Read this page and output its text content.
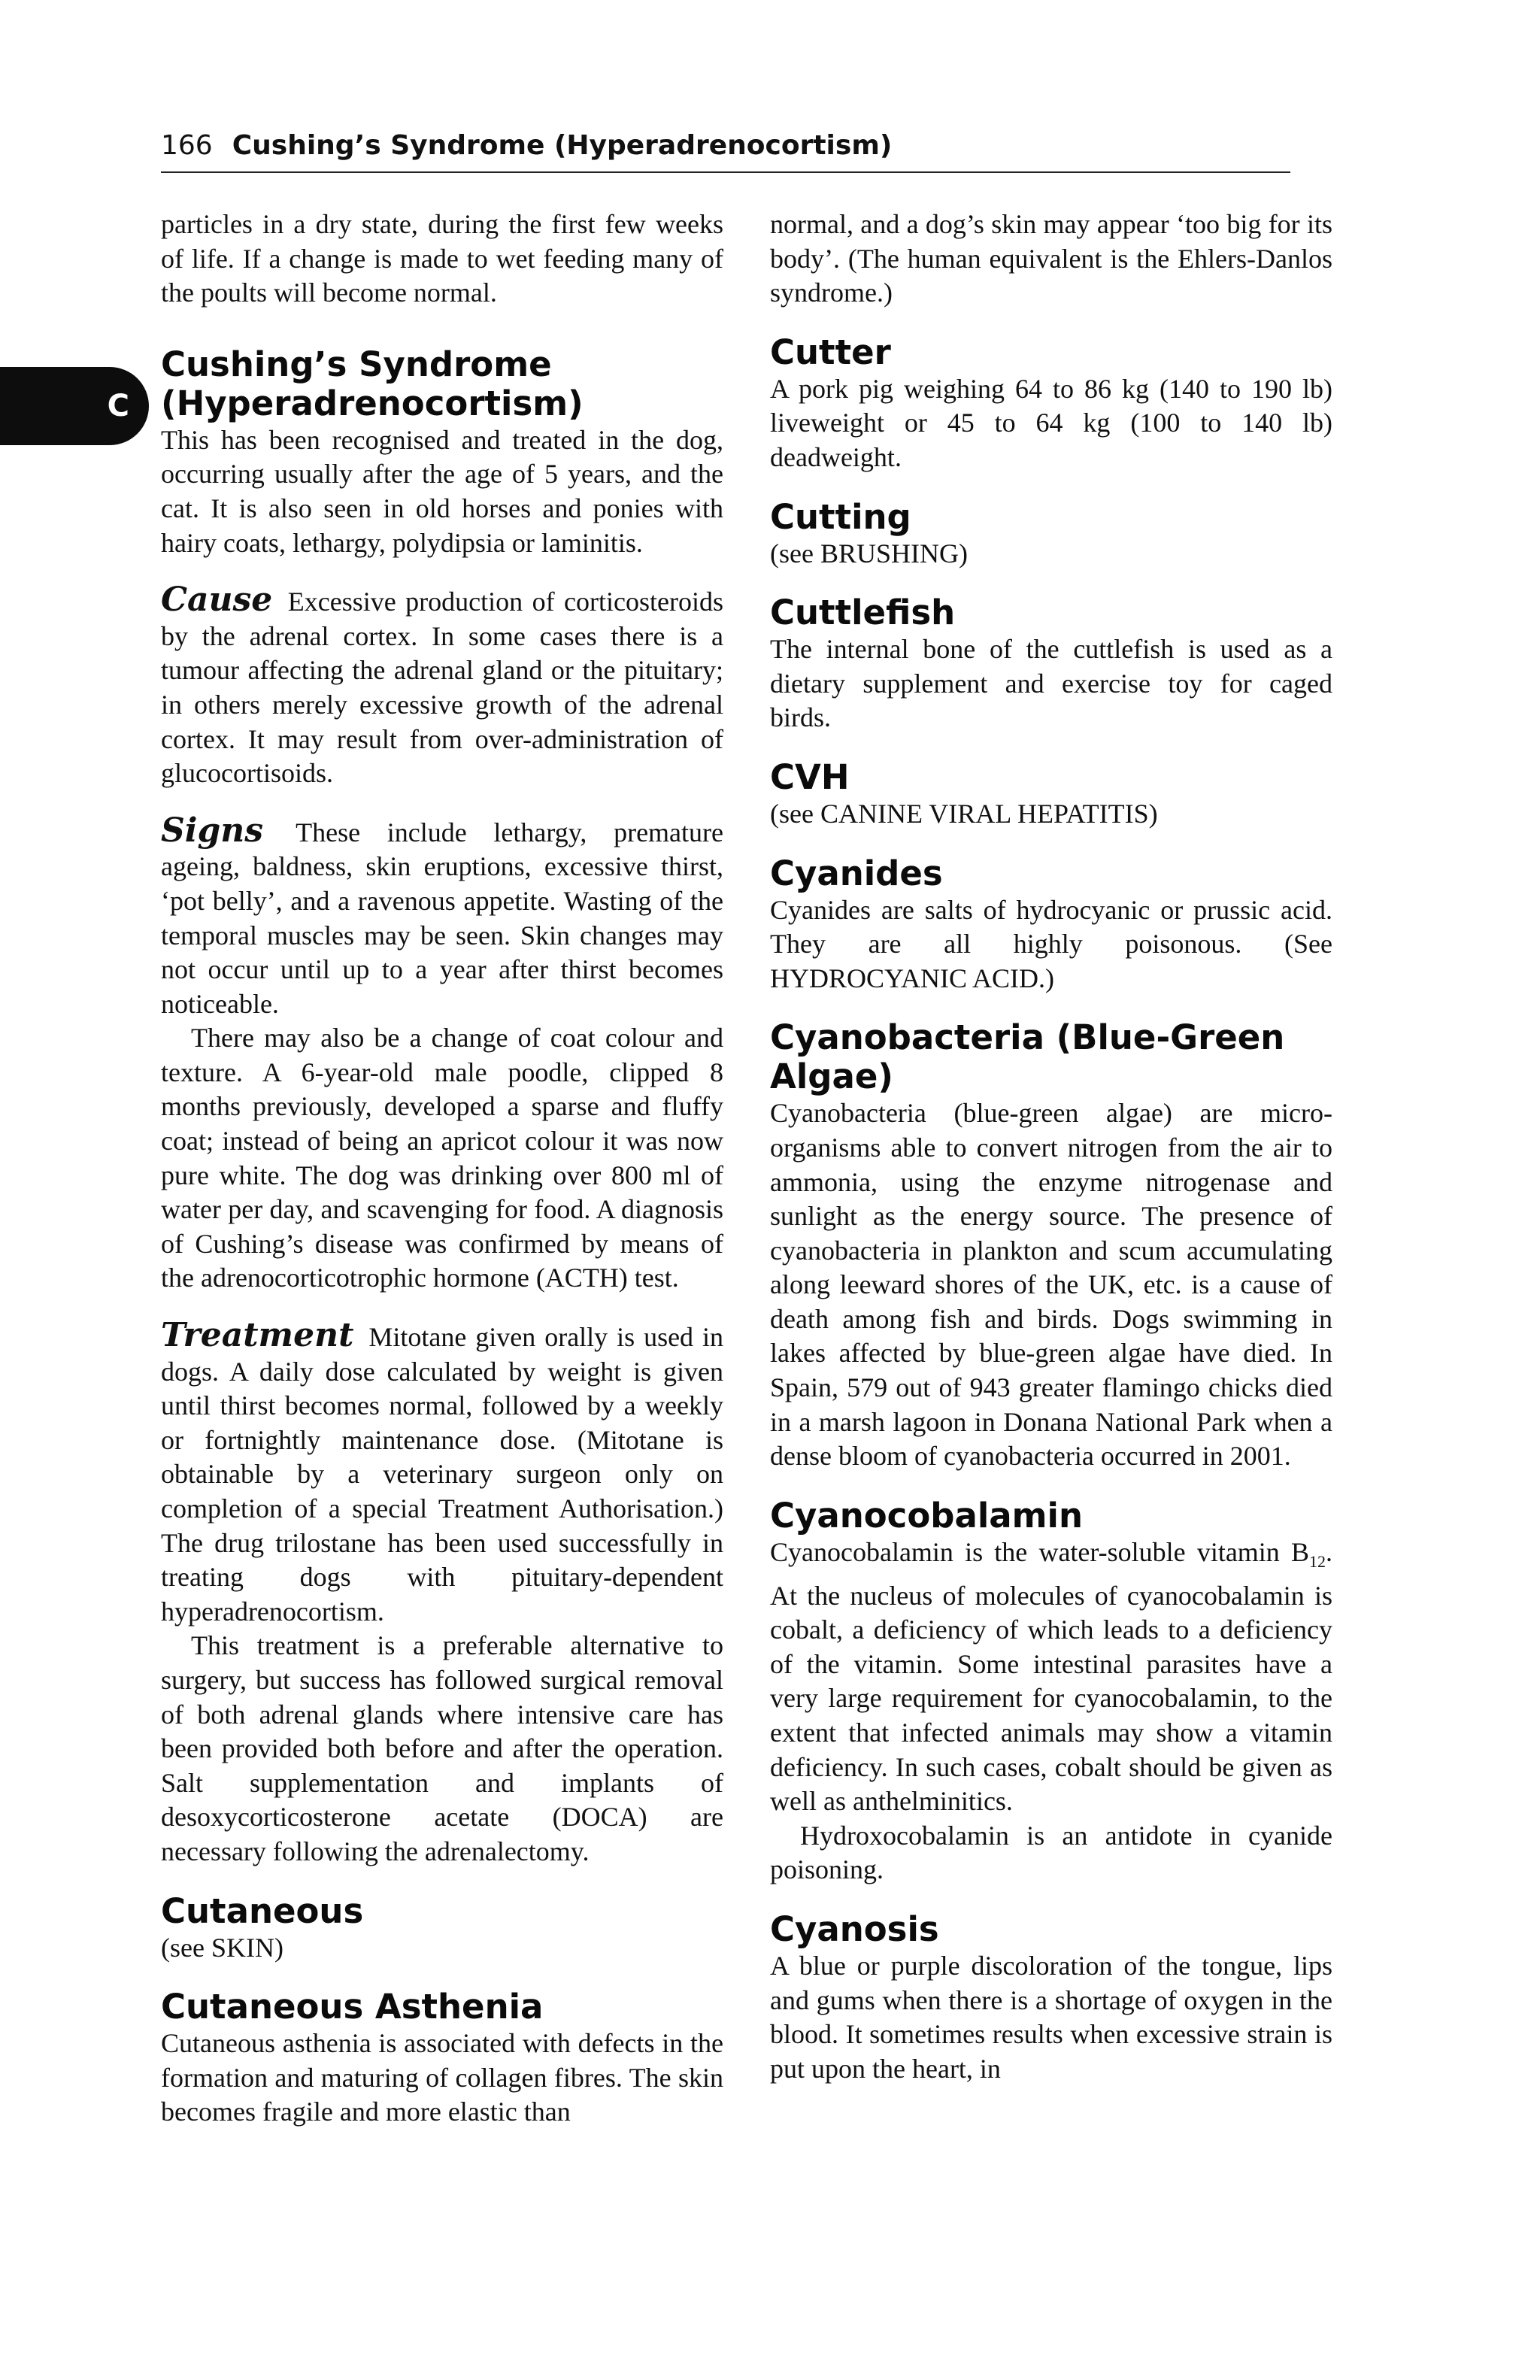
166 Cushing’s Syndrome (Hyperadrenocortism)
C

particles in a dry state, during the first few weeks of life. If a change is made to wet feeding many of the poults will become normal.

Cushing’s Syndrome
(Hyperadrenocortism)

This has been recognised and treated in the dog, occurring usually after the age of 5 years, and the cat. It is also seen in old horses and ponies with hairy coats, lethargy, polydipsia or laminitis.

Cause Excessive production of corticosteroids by the adrenal cortex. In some cases there is a tumour affecting the adrenal gland or the pituitary; in others merely excessive growth of the adrenal cortex. It may result from over-administration of glucocortisoids.

Signs These include lethargy, premature ageing, baldness, skin eruptions, excessive thirst, ‘pot belly’, and a ravenous appetite. Wasting of the temporal muscles may be seen. Skin changes may not occur until up to a year after thirst becomes noticeable.

There may also be a change of coat colour and texture. A 6-year-old male poodle, clipped 8 months previously, developed a sparse and fluffy coat; instead of being an apricot colour it was now pure white. The dog was drinking over 800 ml of water per day, and scavenging for food. A diagnosis of Cushing’s disease was confirmed by means of the adrenocorticotrophic hormone (ACTH) test.

Treatment Mitotane given orally is used in dogs. A daily dose calculated by weight is given until thirst becomes normal, followed by a weekly or fortnightly maintenance dose. (Mitotane is obtainable by a veterinary surgeon only on completion of a special Treatment Authorisation.) The drug trilostane has been used successfully in treating dogs with pituitary-dependent hyperadrenocortism.

This treatment is a preferable alternative to surgery, but success has followed surgical removal of both adrenal glands where intensive care has been provided both before and after the operation. Salt supplementation and implants of desoxycorticosterone acetate (DOCA) are necessary following the adrenalectomy.

Cutaneous

(see SKIN)

Cutaneous Asthenia

Cutaneous asthenia is associated with defects in the formation and maturing of collagen fibres. The skin becomes fragile and more elastic than

normal, and a dog’s skin may appear ‘too big for its body’. (The human equivalent is the Ehlers-Danlos syndrome.)

Cutter

A pork pig weighing 64 to 86 kg (140 to 190 lb) liveweight or 45 to 64 kg (100 to 140 lb) deadweight.

Cutting

(see BRUSHING)

Cuttlefish

The internal bone of the cuttlefish is used as a dietary supplement and exercise toy for caged birds.

CVH

(see CANINE VIRAL HEPATITIS)

Cyanides

Cyanides are salts of hydrocyanic or prussic acid. They are all highly poisonous. (See HYDROCYANIC ACID.)

Cyanobacteria (Blue-Green
Algae)

Cyanobacteria (blue-green algae) are micro-organisms able to convert nitrogen from the air to ammonia, using the enzyme nitrogenase and sunlight as the energy source. The presence of cyanobacteria in plankton and scum accumulating along leeward shores of the UK, etc. is a cause of death among fish and birds. Dogs swimming in lakes affected by blue-green algae have died. In Spain, 579 out of 943 greater flamingo chicks died in a marsh lagoon in Donana National Park when a dense bloom of cyanobacteria occurred in 2001.

Cyanocobalamin

Cyanocobalamin is the water-soluble vitamin $B_{12}$. At the nucleus of molecules of cyanocobalamin is cobalt, a deficiency of which leads to a deficiency of the vitamin. Some intestinal parasites have a very large requirement for cyanocobalamin, to the extent that infected animals may show a vitamin deficiency. In such cases, cobalt should be given as well as anthelminitics.

Hydroxocobalamin is an antidote in cyanide poisoning.

Cyanosis

A blue or purple discoloration of the tongue, lips and gums when there is a shortage of oxygen in the blood. It sometimes results when excessive strain is put upon the heart, in
